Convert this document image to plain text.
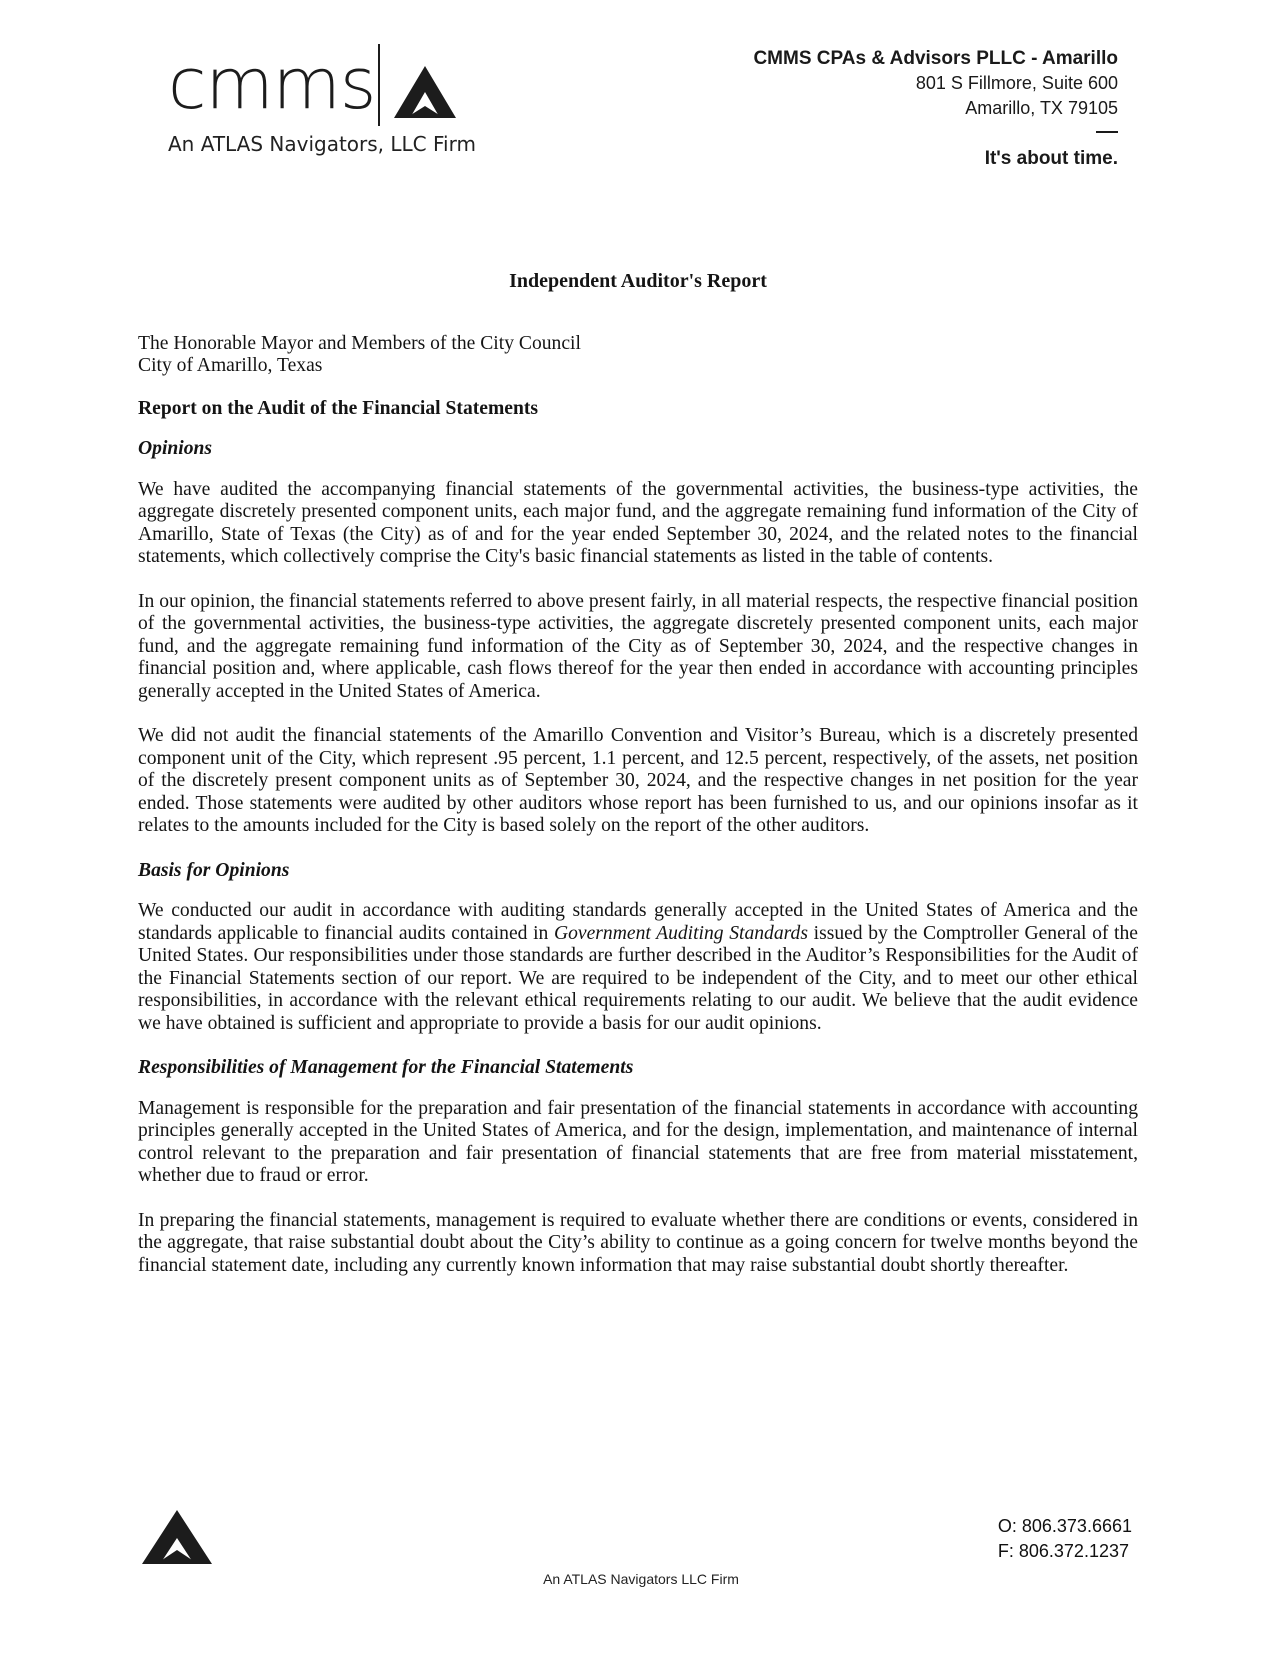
cmms
An ATLAS Navigators, LLC Firm
CMMS CPAs & Advisors PLLC - Amarillo
801 S Fillmore, Suite 600
Amarillo, TX 79105
It's about time.
Independent Auditor's Report
The Honorable Mayor and Members of the City Council
City of Amarillo, Texas
Report on the Audit of the Financial Statements
Opinions

We have audited the accompanying financial statements of the governmental activities, the business-type activities, the aggregate discretely presented component units, each major fund, and the aggregate remaining fund information of the City of Amarillo, State of Texas (the City) as of and for the year ended September 30, 2024, and the related notes to the financial statements, which collectively comprise the City's basic financial statements as listed in the table of contents.

In our opinion, the financial statements referred to above present fairly, in all material respects, the respective financial position of the governmental activities, the business-type activities, the aggregate discretely presented component units, each major fund, and the aggregate remaining fund information of the City as of September 30, 2024, and the respective changes in financial position and, where applicable, cash flows thereof for the year then ended in accordance with accounting principles generally accepted in the United States of America.

We did not audit the financial statements of the Amarillo Convention and Visitor’s Bureau, which is a discretely presented component unit of the City, which represent .95 percent, 1.1 percent, and 12.5 percent, respectively, of the assets, net position of the discretely present component units as of September 30, 2024, and the respective changes in net position for the year ended. Those statements were audited by other auditors whose report has been furnished to us, and our opinions insofar as it relates to the amounts included for the City is based solely on the report of the other auditors.

Basis for Opinions

We conducted our audit in accordance with auditing standards generally accepted in the United States of America and the standards applicable to financial audits contained in Government Auditing Standards issued by the Comptroller General of the United States. Our responsibilities under those standards are further described in the Auditor’s Responsibilities for the Audit of the Financial Statements section of our report. We are required to be independent of the City, and to meet our other ethical responsibilities, in accordance with the relevant ethical requirements relating to our audit. We believe that the audit evidence we have obtained is sufficient and appropriate to provide a basis for our audit opinions.

Responsibilities of Management for the Financial Statements

Management is responsible for the preparation and fair presentation of the financial statements in accordance with accounting principles generally accepted in the United States of America, and for the design, implementation, and maintenance of internal control relevant to the preparation and fair presentation of financial statements that are free from material misstatement, whether due to fraud or error.

In preparing the financial statements, management is required to evaluate whether there are conditions or events, considered in the aggregate, that raise substantial doubt about the City’s ability to continue as a going concern for twelve months beyond the financial statement date, including any currently known information that may raise substantial doubt shortly thereafter.

An ATLAS Navigators LLC Firm
O: 806.373.6661
F: 806.372.1237
